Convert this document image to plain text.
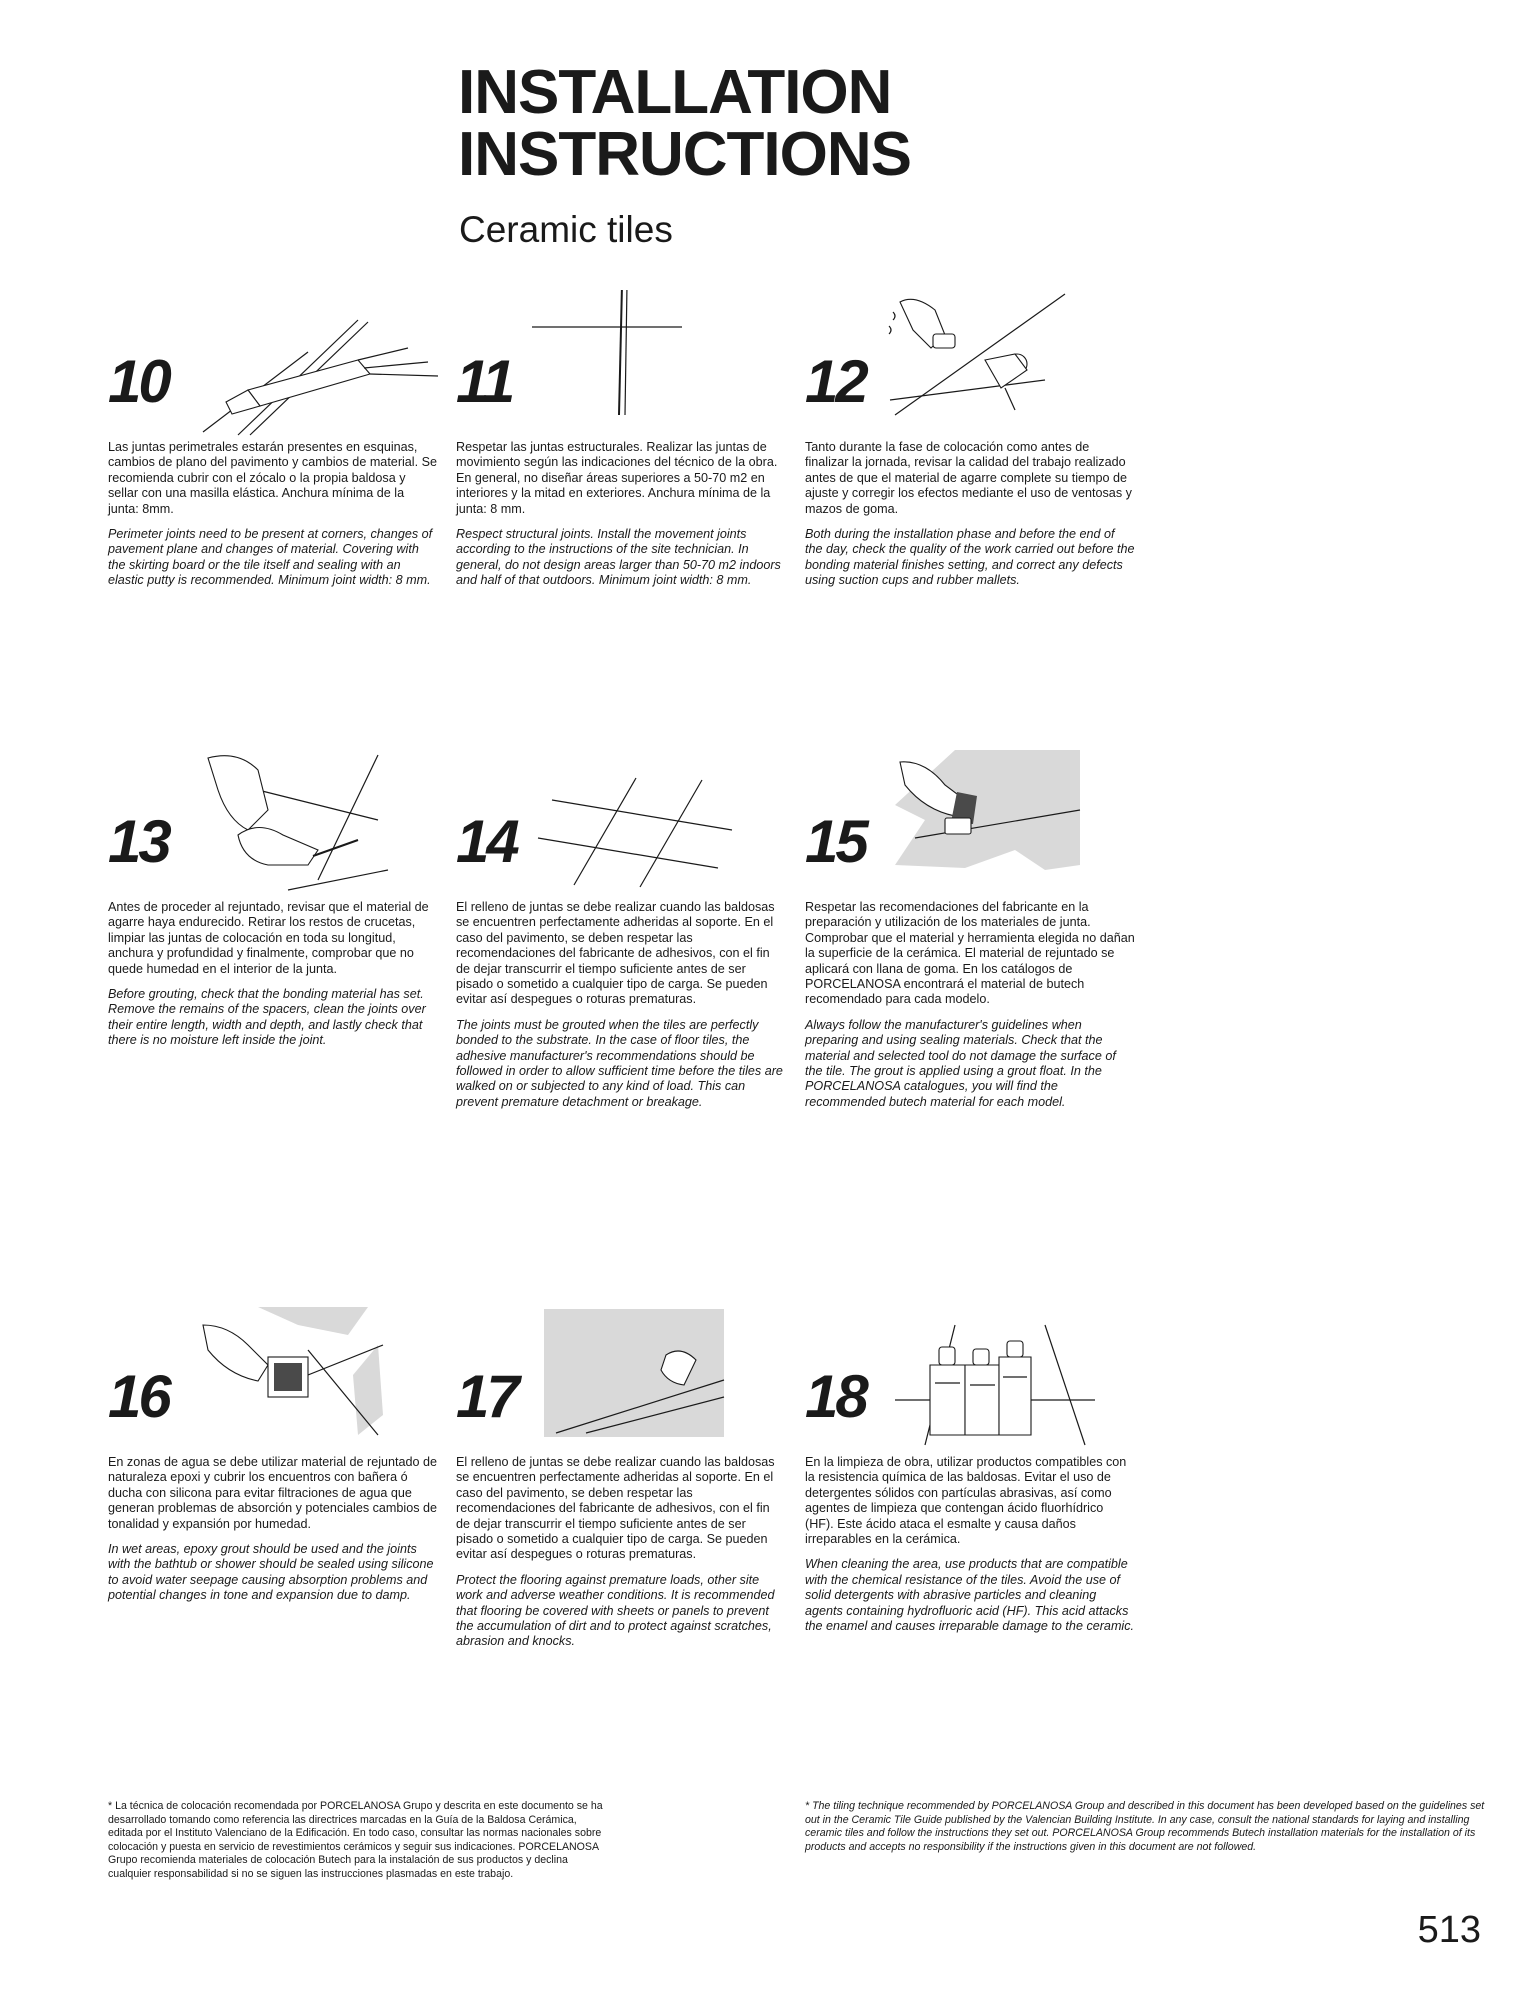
INSTALLATION
INSTRUCTIONS
Ceramic tiles
10

Las juntas perimetrales estarán presentes en esquinas, cambios de plano del pavimento y cambios de material. Se recomienda cubrir con el zócalo o la propia baldosa y sellar con una masilla elástica. Anchura mínima de la junta: 8mm.

Perimeter joints need to be present at corners, changes of pavement plane and changes of material. Covering with the skirting board or the tile itself and sealing with an elastic putty is recommended. Minimum joint width: 8 mm.

11

Respetar las juntas estructurales. Realizar las juntas de movimiento según las indicaciones del técnico de la obra. En general, no diseñar áreas superiores a 50-70 m2 en interiores y la mitad en exteriores. Anchura mínima de la junta: 8 mm.

Respect structural joints. Install the movement joints according to the instructions of the site technician. In general, do not design areas larger than 50-70 m2 indoors and half of that outdoors. Minimum joint width: 8 mm.

12

Tanto durante la fase de colocación como antes de finalizar la jornada, revisar la calidad del trabajo realizado antes de que el material de agarre complete su tiempo de ajuste y corregir los efectos mediante el uso de ventosas y mazos de goma.

Both during the installation phase and before the end of the day, check the quality of the work carried out before the bonding material finishes setting, and correct any defects using suction cups and rubber mallets.

13

Antes de proceder al rejuntado, revisar que el material de agarre haya endurecido. Retirar los restos de crucetas, limpiar las juntas de colocación en toda su longitud, anchura y profundidad y finalmente, comprobar que no quede humedad en el interior de la junta.

Before grouting, check that the bonding material has set. Remove the remains of the spacers, clean the joints over their entire length, width and depth, and lastly check that there is no moisture left inside the joint.

14

El relleno de juntas se debe realizar cuando las baldosas se encuentren perfectamente adheridas al soporte. En el caso del pavimento, se deben respetar las recomendaciones del fabricante de adhesivos, con el fin de dejar transcurrir el tiempo suficiente antes de ser pisado o sometido a cualquier tipo de carga. Se pueden evitar así despegues o roturas prematuras.

The joints must be grouted when the tiles are perfectly bonded to the substrate. In the case of floor tiles, the adhesive manufacturer's recommendations should be followed in order to allow sufficient time before the tiles are walked on or subjected to any kind of load. This can prevent premature detachment or breakage.

15

Respetar las recomendaciones del fabricante en la preparación y utilización de los materiales de junta. Comprobar que el material y herramienta elegida no dañan la superficie de la cerámica. El material de rejuntado se aplicará con llana de goma. En los catálogos de PORCELANOSA encontrará el material de butech recomendado para cada modelo.

Always follow the manufacturer's guidelines when preparing and using sealing materials. Check that the material and selected tool do not damage the surface of the tile. The grout is applied using a grout float. In the PORCELANOSA catalogues, you will find the recommended butech material for each model.

16

En zonas de agua se debe utilizar material de rejuntado de naturaleza epoxi y cubrir los encuentros con bañera ó ducha con silicona para evitar filtraciones de agua que generan problemas de absorción y potenciales cambios de tonalidad y expansión por humedad.

In wet areas, epoxy grout should be used and the joints with the bathtub or shower should be sealed using silicone to avoid water seepage causing absorption problems and potential changes in tone and expansion due to damp.

17

El relleno de juntas se debe realizar cuando las baldosas se encuentren perfectamente adheridas al soporte. En el caso del pavimento, se deben respetar las recomendaciones del fabricante de adhesivos, con el fin de dejar transcurrir el tiempo suficiente antes de ser pisado o sometido a cualquier tipo de carga. Se pueden evitar así despegues o roturas prematuras.

Protect the flooring against premature loads, other site work and adverse weather conditions. It is recommended that flooring be covered with sheets or panels to prevent the accumulation of dirt and to protect against scratches, abrasion and knocks.

18

En la limpieza de obra, utilizar productos compatibles con la resistencia química de las baldosas. Evitar el uso de detergentes sólidos con partículas abrasivas, así como agentes de limpieza que contengan ácido fluorhídrico (HF). Este ácido ataca el esmalte y causa daños irreparables en la cerámica.

When cleaning the area, use products that are compatible with the chemical resistance of the tiles. Avoid the use of solid detergents with abrasive particles and cleaning agents containing hydrofluoric acid (HF). This acid attacks the enamel and causes irreparable damage to the ceramic.

* La técnica de colocación recomendada por PORCELANOSA Grupo y descrita en este documento se ha desarrollado tomando como referencia las directrices marcadas en la Guía de la Baldosa Cerámica, editada por el Instituto Valenciano de la Edificación. En todo caso, consultar las normas nacionales sobre colocación y puesta en servicio de revestimientos cerámicos y seguir sus indicaciones. PORCELANOSA Grupo recomienda materiales de colocación Butech para la instalación de sus productos y declina cualquier responsabilidad si no se siguen las instrucciones plasmadas en este trabajo.

* The tiling technique recommended by PORCELANOSA Group and described in this document has been developed based on the guidelines set out in the Ceramic Tile Guide published by the Valencian Building Institute. In any case, consult the national standards for laying and installing ceramic tiles and follow the instructions they set out. PORCELANOSA Group recommends Butech installation materials for the installation of its products and accepts no responsibility if the instructions given in this document are not followed.

513
